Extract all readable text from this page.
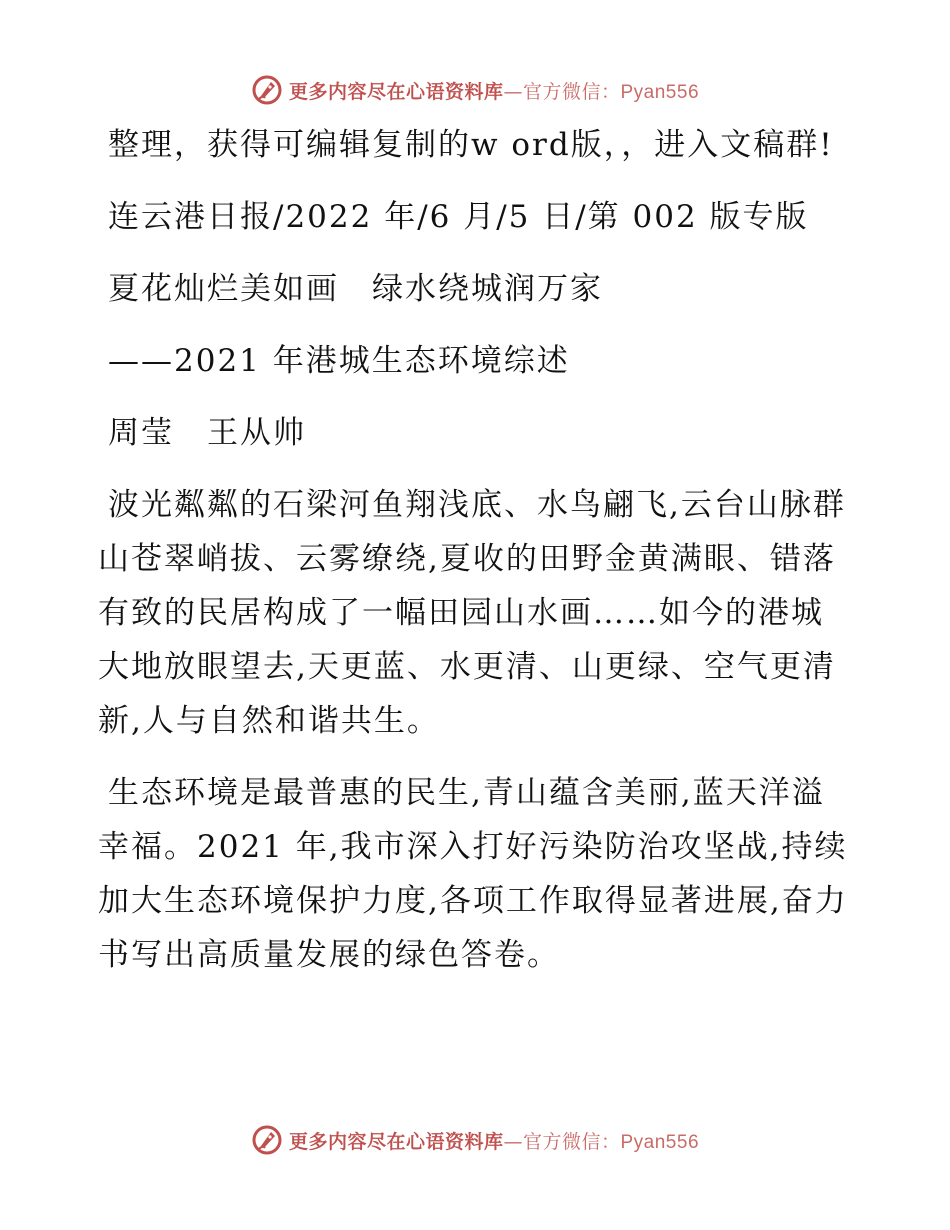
更多内容尽在心语资料库—官方微信：Pyan556

整理，获得可编辑复制的w ord版，，进入文稿群!

连云港日报/2022 年/6 月/5 日/第 002 版专版

夏花灿烂美如画　绿水绕城润万家

——2021 年港城生态环境综述

周莹　王从帅

波光粼粼的石梁河鱼翔浅底、水鸟翩飞,云台山脉群山苍翠峭拔、云雾缭绕,夏收的田野金黄满眼、错落有致的民居构成了一幅田园山水画……如今的港城大地放眼望去,天更蓝、水更清、山更绿、空气更清新,人与自然和谐共生。

生态环境是最普惠的民生,青山蕴含美丽,蓝天洋溢幸福。2021 年,我市深入打好污染防治攻坚战,持续加大生态环境保护力度,各项工作取得显著进展,奋力书写出高质量发展的绿色答卷。

更多内容尽在心语资料库—官方微信：Pyan556
